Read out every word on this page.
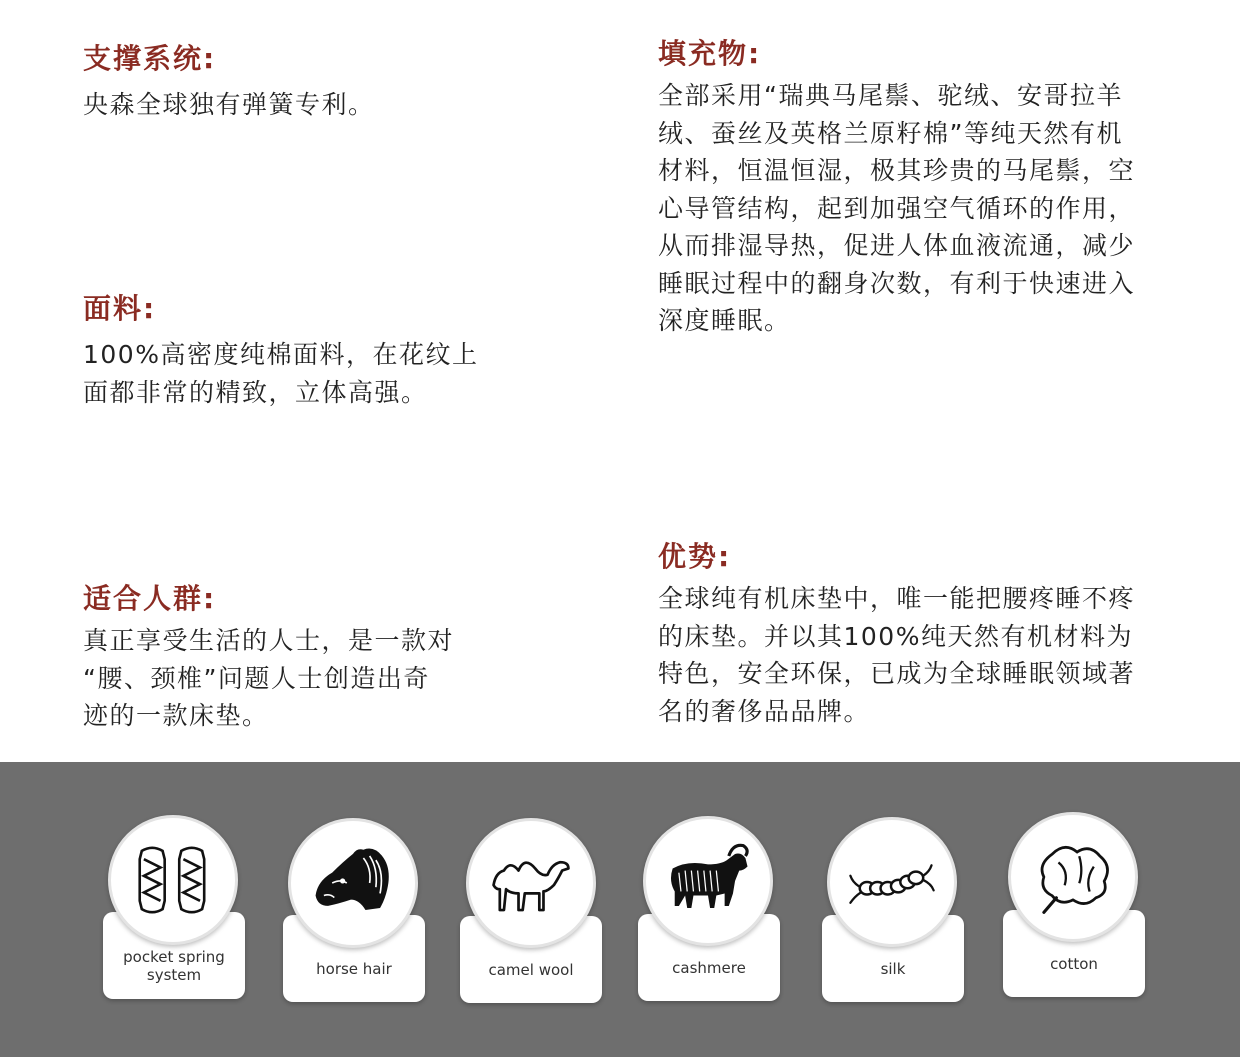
支撑系统:

央森全球独有弹簧专利。

填充物:

全部采用“瑞典马尾鬃、驼绒、安哥拉羊
绒、蚕丝及英格兰原籽棉”等纯天然有机
材料，恒温恒湿，极其珍贵的马尾鬃，空
心导管结构，起到加强空气循环的作用，
从而排湿导热，促进人体血液流通，减少
睡眠过程中的翻身次数，有利于快速进入
深度睡眠。

面料:

100%高密度纯棉面料，在花纹上
面都非常的精致，立体高强。

优势:

全球纯有机床垫中，唯一能把腰疼睡不疼
的床垫。并以其100%纯天然有机材料为
特色，安全环保，已成为全球睡眠领域著
名的奢侈品品牌。

适合人群:

真正享受生活的人士，是一款对
“腰、颈椎”问题人士创造出奇
迹的一款床垫。

pocket spring
system	horse hair	camel wool	cashmere	silk	cotton
